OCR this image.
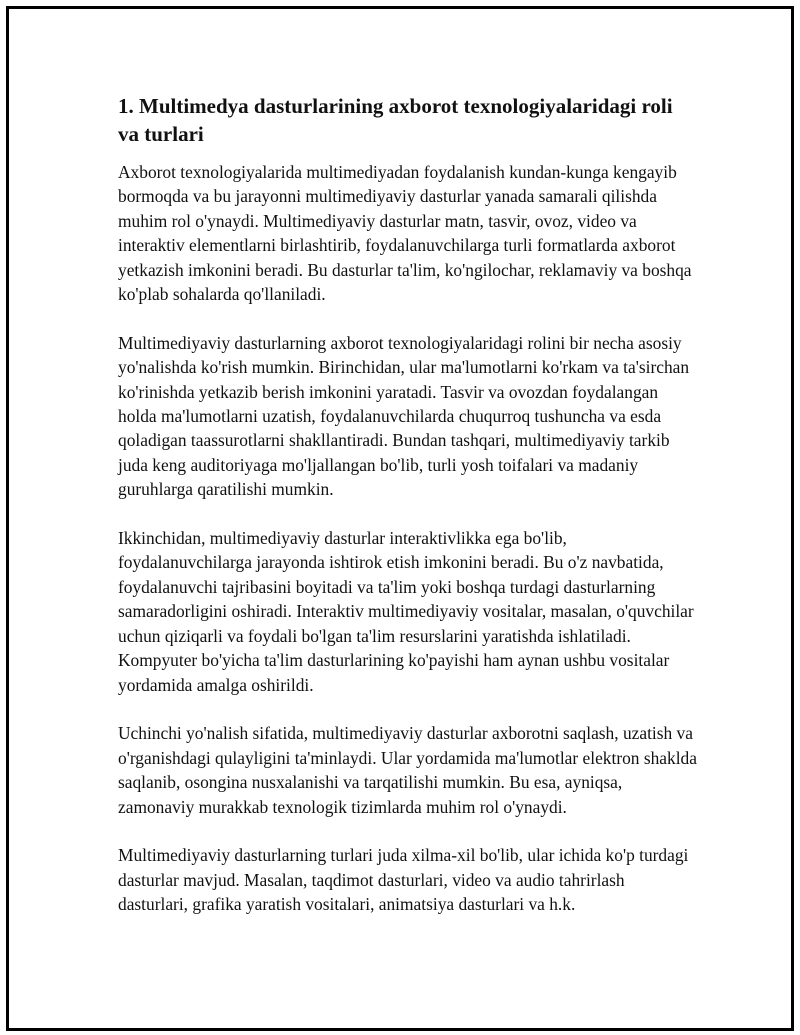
1. Multimedya dasturlarining axborot texnologiyalaridagi roli va turlari

Axborot texnologiyalarida multimediyadan foydalanish kundan-kunga kengayib bormoqda va bu jarayonni multimediyaviy dasturlar yanada samarali qilishda muhim rol o'ynaydi. Multimediyaviy dasturlar matn, tasvir, ovoz, video va interaktiv elementlarni birlashtirib, foydalanuvchilarga turli formatlarda axborot yetkazish imkonini beradi. Bu dasturlar ta'lim, ko'ngilochar, reklamaviy va boshqa ko'plab sohalarda qo'llaniladi.

Multimediyaviy dasturlarning axborot texnologiyalaridagi rolini bir necha asosiy yo'nalishda ko'rish mumkin. Birinchidan, ular ma'lumotlarni ko'rkam va ta'sirchan ko'rinishda yetkazib berish imkonini yaratadi. Tasvir va ovozdan foydalangan holda ma'lumotlarni uzatish, foydalanuvchilarda chuqurroq tushuncha va esda qoladigan taassurotlarni shakllantiradi. Bundan tashqari, multimediyaviy tarkib juda keng auditoriyaga mo'ljallangan bo'lib, turli yosh toifalari va madaniy guruhlarga qaratilishi mumkin.

Ikkinchidan, multimediyaviy dasturlar interaktivlikka ega bo'lib, foydalanuvchilarga jarayonda ishtirok etish imkonini beradi. Bu o'z navbatida, foydalanuvchi tajribasini boyitadi va ta'lim yoki boshqa turdagi dasturlarning samaradorligini oshiradi. Interaktiv multimediyaviy vositalar, masalan, o'quvchilar uchun qiziqarli va foydali bo'lgan ta'lim resurslarini yaratishda ishlatiladi. Kompyuter bo'yicha ta'lim dasturlarining ko'payishi ham aynan ushbu vositalar yordamida amalga oshirildi.

Uchinchi yo'nalish sifatida, multimediyaviy dasturlar axborotni saqlash, uzatish va o'rganishdagi qulayligini ta'minlaydi. Ular yordamida ma'lumotlar elektron shaklda saqlanib, osongina nusxalanishi va tarqatilishi mumkin. Bu esa, ayniqsa, zamonaviy murakkab texnologik tizimlarda muhim rol o'ynaydi.

Multimediyaviy dasturlarning turlari juda xilma-xil bo'lib, ular ichida ko'p turdagi dasturlar mavjud. Masalan, taqdimot dasturlari, video va audio tahrirlash dasturlari, grafika yaratish vositalari, animatsiya dasturlari va h.k.
